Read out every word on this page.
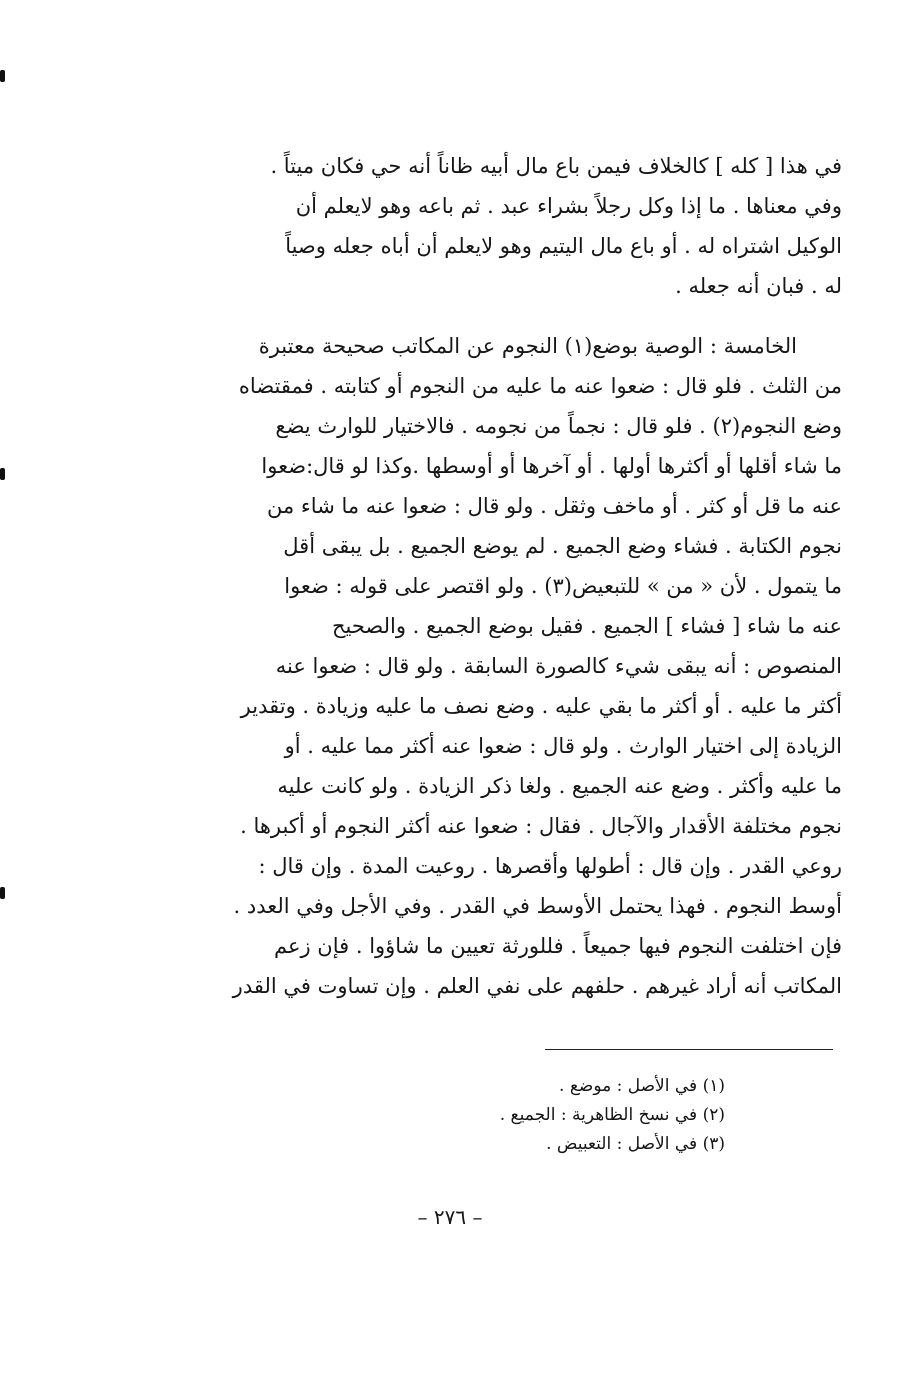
في هذا [ كله ] كالخلاف فيمن باع مال أبيه ظاناً أنه حي فكان ميتاً .
وفي معناها . ما إذا وكل رجلاً بشراء عبد . ثم باعه وهو لايعلم أن
الوكيل اشتراه له . أو باع مال اليتيم وهو لايعلم أن أباه جعله وصياً
له . فبان أنه جعله .
الخامسة : الوصية بوضع(١) النجوم عن المكاتب صحيحة معتبرة
من الثلث . فلو قال : ضعوا عنه ما عليه من النجوم أو كتابته . فمقتضاه
وضع النجوم(٢) . فلو قال : نجماً من نجومه . فالاختيار للوارث يضع
ما شاء أقلها أو أكثرها أولها . أو آخرها أو أوسطها .وكذا لو قال:ضعوا
عنه ما قل أو كثر . أو ماخف وثقل . ولو قال : ضعوا عنه ما شاء من
نجوم الكتابة . فشاء وضع الجميع . لم يوضع الجميع . بل يبقى أقل
ما يتمول . لأن « من » للتبعيض(٣) . ولو اقتصر على قوله : ضعوا
عنه ما شاء [ فشاء ] الجميع . فقيل بوضع الجميع . والصحيح
المنصوص : أنه يبقى شيء كالصورة السابقة . ولو قال : ضعوا عنه
أكثر ما عليه . أو أكثر ما بقي عليه . وضع نصف ما عليه وزيادة . وتقدير
الزيادة إلى اختيار الوارث . ولو قال : ضعوا عنه أكثر مما عليه . أو
ما عليه وأكثر . وضع عنه الجميع . ولغا ذكر الزيادة . ولو كانت عليه
نجوم مختلفة الأقدار والآجال . فقال : ضعوا عنه أكثر النجوم أو أكبرها .
روعي القدر . وإن قال : أطولها وأقصرها . روعيت المدة . وإن قال :
أوسط النجوم . فهذا يحتمل الأوسط في القدر . وفي الأجل وفي العدد .
فإن اختلفت النجوم فيها جميعاً . فللورثة تعيين ما شاؤوا . فإن زعم
المكاتب أنه أراد غيرهم . حلفهم على نفي العلم . وإن تساوت في القدر
(١) في الأصل : موضع .
(٢) في نسخ الظاهرية : الجميع .
(٣) في الأصل : التعبيض .
– ٢٧٦ –
